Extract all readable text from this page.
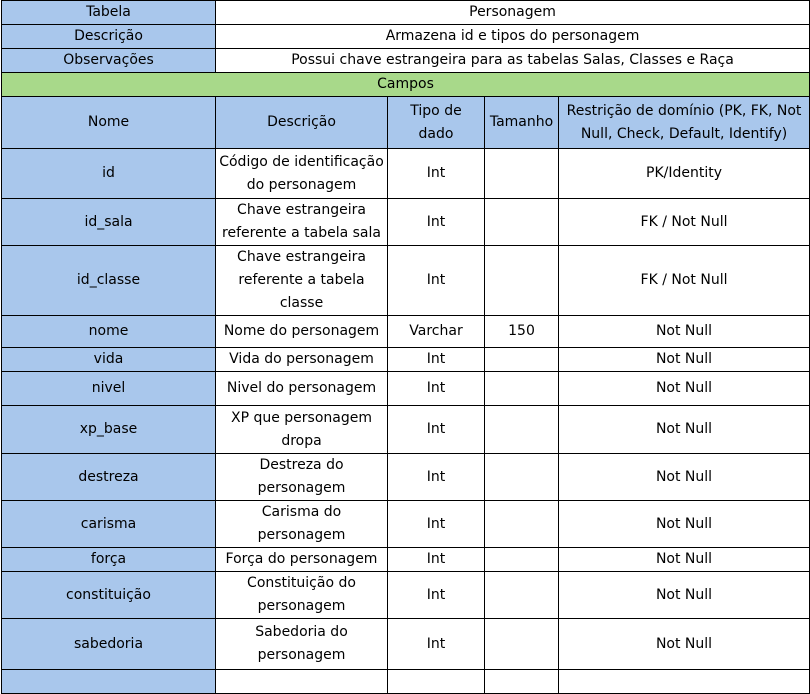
Tabela	Personagem			
Descrição	Armazena id e tipos do personagem			
Observações	Possui chave estrangeira para as tabelas Salas, Classes e Raça			
Campos				
Nome	Descrição	Tipo de dado	Tamanho	Restrição de domínio (PK, FK, Not Null, Check, Default, Identify)
id	Código de identificação do personagem	Int		PK/Identity
id_sala	Chave estrangeira referente a tabela sala	Int		FK / Not Null
id_classe	Chave estrangeira referente a tabela classe	Int		FK / Not Null
nome	Nome do personagem	Varchar	150	Not Null
vida	Vida do personagem	Int		Not Null
nivel	Nivel do personagem	Int		Not Null
xp_base	XP que personagem dropa	Int		Not Null
destreza	Destreza do personagem	Int		Not Null
carisma	Carisma do personagem	Int		Not Null
força	Força do personagem	Int		Not Null
constituição	Constituição do personagem	Int		Not Null
sabedoria	Sabedoria do personagem	Int		Not Null
